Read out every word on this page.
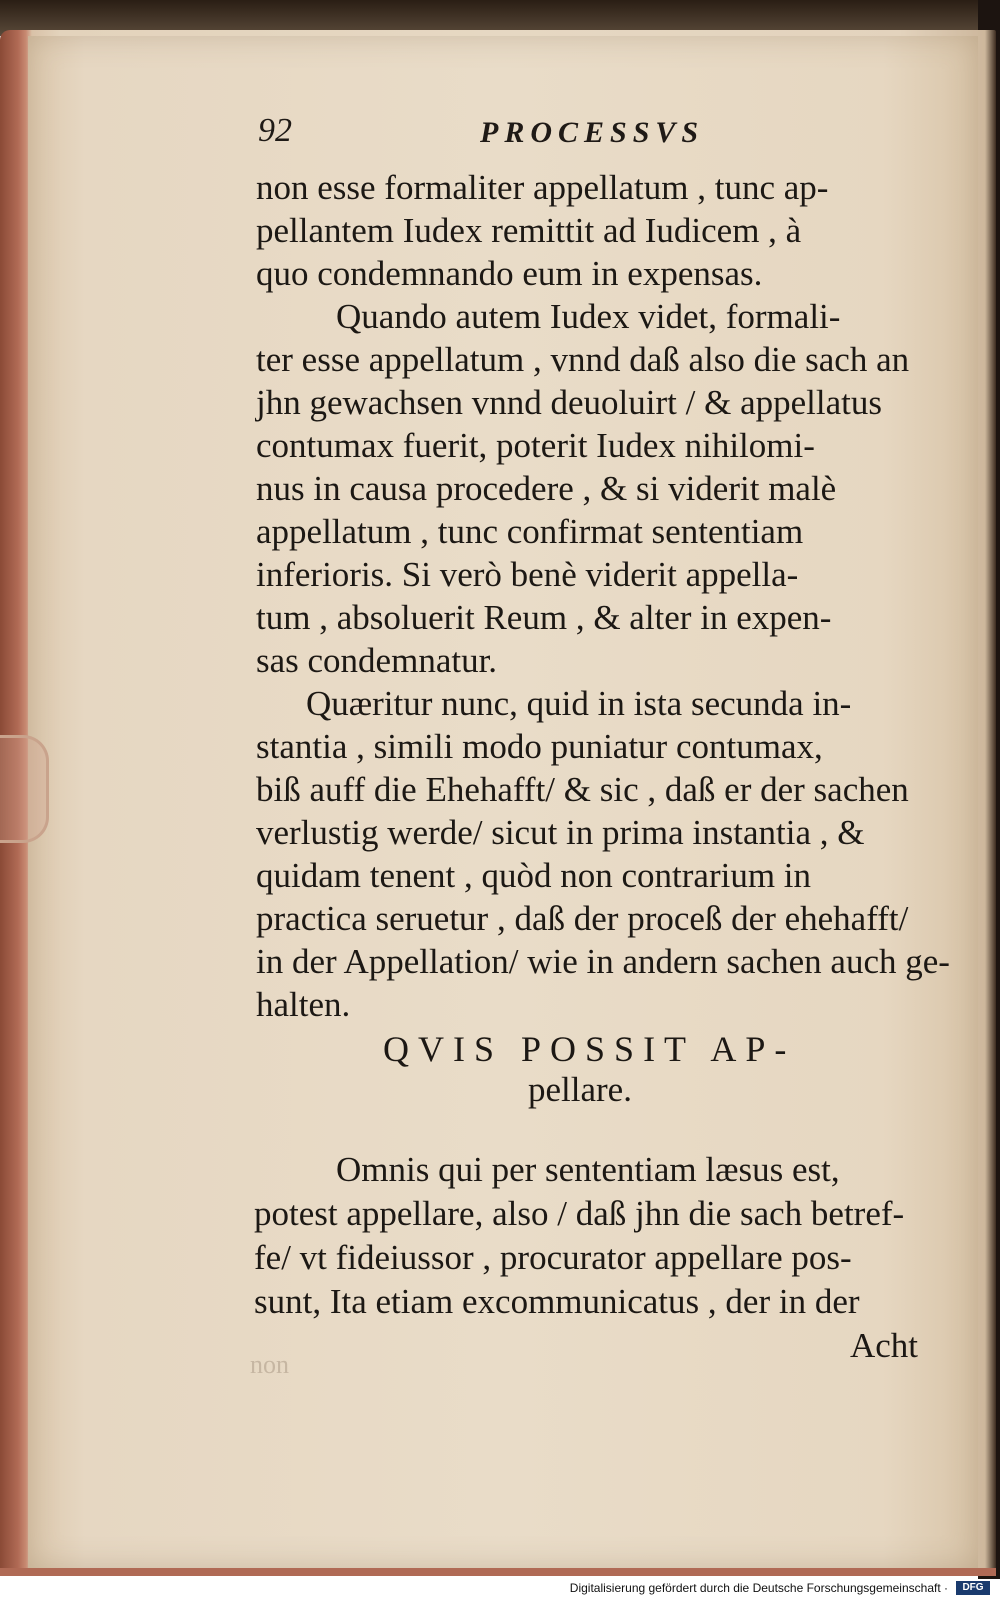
92	PROCESSVS
non esse formaliter appellatum , tunc ap-
pellantem Iudex remittit ad Iudicem , à
quo condemnando eum in expensas.
Quando autem Iudex videt, formali-
ter esse appellatum , vnnd daß also die sach an
jhn gewachsen vnnd deuoluirt / & appellatus
contumax fuerit, poterit Iudex nihilomi-
nus in causa procedere , & si viderit malè
appellatum , tunc confirmat sententiam
inferioris. Si verò benè viderit appella-
tum , absoluerit Reum , & alter in expen-
sas condemnatur.
Quæritur nunc, quid in ista secunda in-
stantia , simili modo puniatur contumax,
biß auff die Ehehafft/ & sic , daß er der sachen
verlustig werde/ sicut in prima instantia , &
quidam tenent , quòd non contrarium in
practica seruetur , daß der proceß der ehehafft/
in der Appellation/ wie in andern sachen auch ge-
halten.
QVIS POSSIT AP-
pellare.
Omnis qui per sententiam læsus est,
potest appellare, also / daß jhn die sach betref-
fe/ vt fideiussor , procurator appellare pos-
sunt, Ita etiam excommunicatus , der in der
Acht
non
Digitalisierung gefördert durch die Deutsche Forschungsgemeinschaft ·	DFG
